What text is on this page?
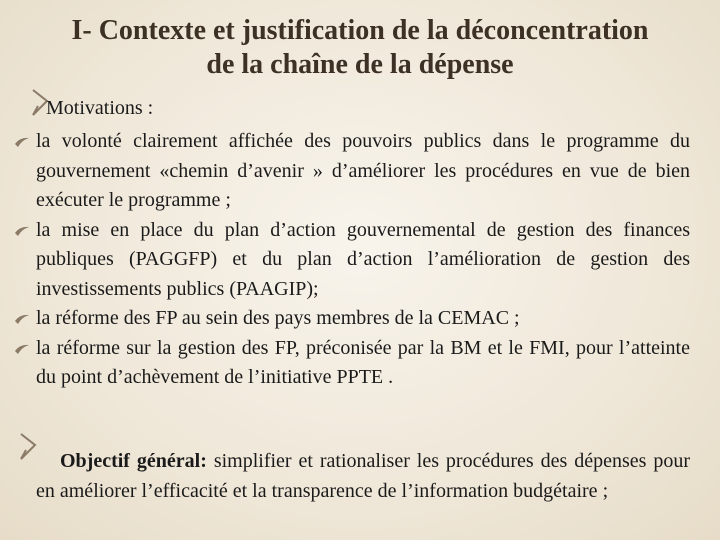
I- Contexte et justification de la déconcentration
de la chaîne de la dépense
Motivations :
la volonté clairement affichée des pouvoirs publics dans le programme du gouvernement «chemin d’avenir » d’améliorer les procédures en vue de bien exécuter le programme ;
la mise en place du plan d’action gouvernemental de gestion des finances publiques (PAGGFP) et du plan d’action l’amélioration de gestion des investissements publics (PAAGIP);
la réforme des FP au sein des pays membres de la CEMAC ;
la réforme sur la gestion des FP, préconisée par la BM et le FMI, pour l’atteinte du point d’achèvement de l’initiative PPTE .
Objectif général: simplifier et rationaliser les procédures des dépenses pour en améliorer l’efficacité et la transparence de l’information budgétaire ;
